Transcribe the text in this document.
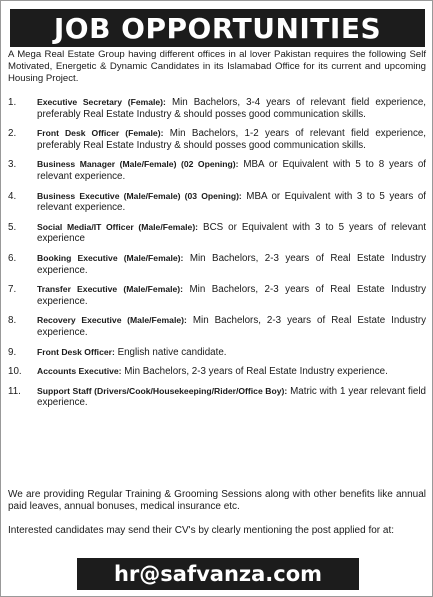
JOB OPPORTUNITIES
A Mega Real Estate Group having different offices in al lover Pakistan requires the following Self Motivated, Energetic & Dynamic Candidates in its Islamabad Office for its current and upcoming Housing Project.
1.	Executive Secretary (Female): Min Bachelors, 3-4 years of relevant field experience, preferably Real Estate Industry & should posses good communication skills.
2.	Front Desk Officer (Female): Min Bachelors, 1-2 years of relevant field experience, preferably Real Estate Industry & should posses good communication skills.
3.	Business Manager (Male/Female) (02 Opening): MBA or Equivalent with 5 to 8 years of relevant experience.
4.	Business Executive (Male/Female) (03 Opening): MBA or Equivalent with 3 to 5 years of relevant experience.
5.	Social Media/IT Officer (Male/Female): BCS or Equivalent with 3 to 5 years of relevant experience
6.	Booking Executive (Male/Female): Min Bachelors, 2-3 years of Real Estate Industry experience.
7.	Transfer Executive (Male/Female): Min Bachelors, 2-3 years of Real Estate Industry experience.
8.	Recovery Executive (Male/Female): Min Bachelors, 2-3 years of Real Estate Industry experience.
9.	Front Desk Officer: English native candidate.
10.	Accounts Executive: Min Bachelors, 2-3 years of Real Estate Industry experience.
11.	Support Staff (Drivers/Cook/Housekeeping/Rider/Office Boy): Matric with 1 year relevant field experience.
We are providing Regular Training & Grooming Sessions along with other benefits like annual paid leaves, annual bonuses, medical insurance etc.
Interested candidates may send their CV's by clearly mentioning the post applied for at:
hr@safvanza.com
